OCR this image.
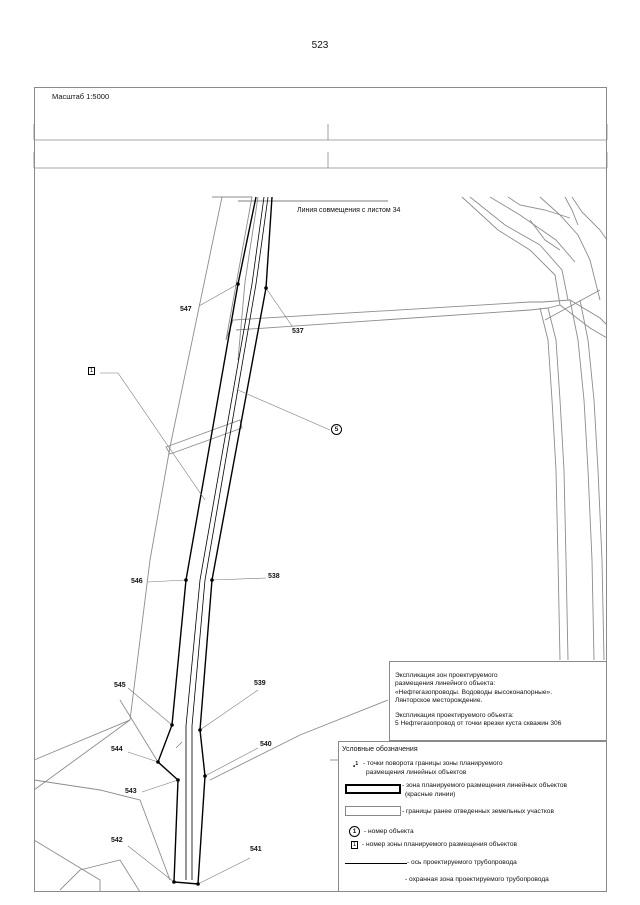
523
Масштаб 1:5000
Линия совмещения с листом 34
1
5
547
537
546
538
545	539
544
540
543
542
541
Экспликация зон проектируемого
размещения линейного объекта:
«Нефтегазопроводы. Водоводы высоконапорные».
Лянторское месторождение.
Экспликация проектируемого объекта:
5 Нефтегазопровод от точки врезки куста скважин 306
Условные обозначения
•$^1$ - точки поворота границы зоны планируемого
размещения линейных объектов
- зона планируемого размещения линейных объектов
(красные линии)
- границы ранее отведенных земельных участков
1	- номер объекта
1 - номер зоны планируемого размещения объектов
- ось проектируемого трубопровода
- охранная зона проектируемого трубопровода
